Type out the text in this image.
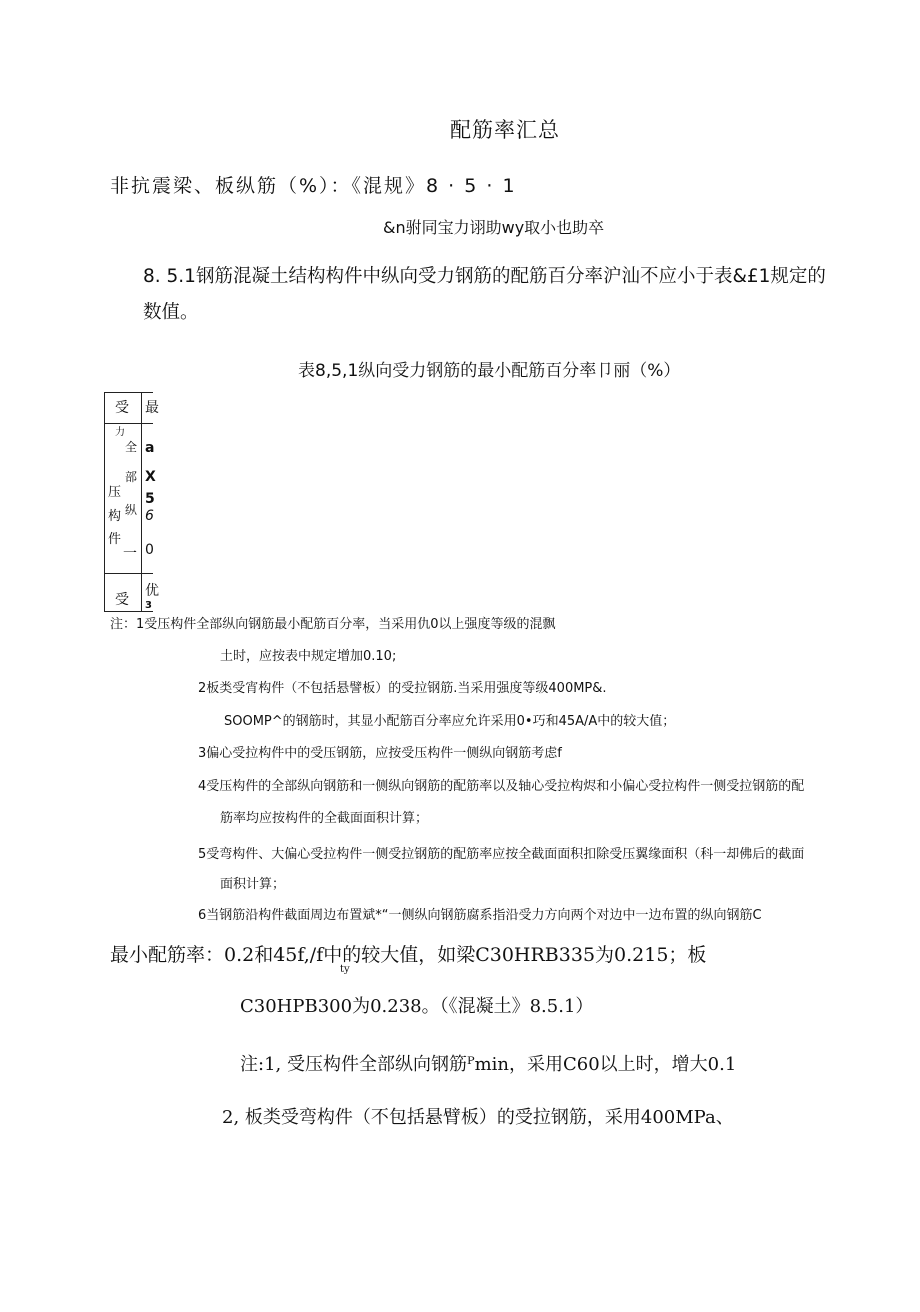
配筋率汇总
非抗震梁、板纵筋（%）：《混规》8 · 5 · 1
&n驸同宝力诩助wy取小也助卒
8. 5.1钢筋混凝土结构构件中纵向受力钢筋的配筋百分率沪汕不应小于表&£1规定的
数值。
表8,5,1纵向受力钢筋的最小配筋百分率卩丽（%）
受 最
力
全 a
部 X
5
纵 6
一 0
压
构
件
受
优
3
注：1受压构件全部纵向钢筋最小配筋百分率，当采用仇0以上强度等级的混飘
土时，应按表中规定增加0.10;
2板类受宵构件（不包括悬譬板）的受拉钢筋.当采用强度等级400MP&.
SOOMP^的钢筋时，其显小配筋百分率应允许采用0•巧和45A/A中的较大值；
3偏心受拉构件中的受压钢筋，应按受压构件一侧纵向钢筋考虑f
4受压构件的全部纵向钢筋和一侧纵向钢筋的配筋率以及轴心受拉构烬和小偏心受拉构件一侧受拉钢筋的配
筋率均应按构件的全截面面积计算；
5受弯构件、大偏心受拉构件一侧受拉钢筋的配筋率应按全截面面积扣除受压翼缘面积（科一却佛后的截面
面积计算；
6当钢筋沿构件截面周边布置斌*“一侧纵向钢筋腐系指沿受力方向两个对边中一边布置的纵向钢筋C
最小配筋率：0.2和45f,/f中的较大值，如梁C30HRB335为0.215；板
ty
C30HPB300为0.238。（《混凝土》8.5.1）
注:1, 受压构件全部纵向钢筋ᴾmin，采用C60以上时，增大0.1
2, 板类受弯构件（不包括悬臂板）的受拉钢筋，采用400MPa、
